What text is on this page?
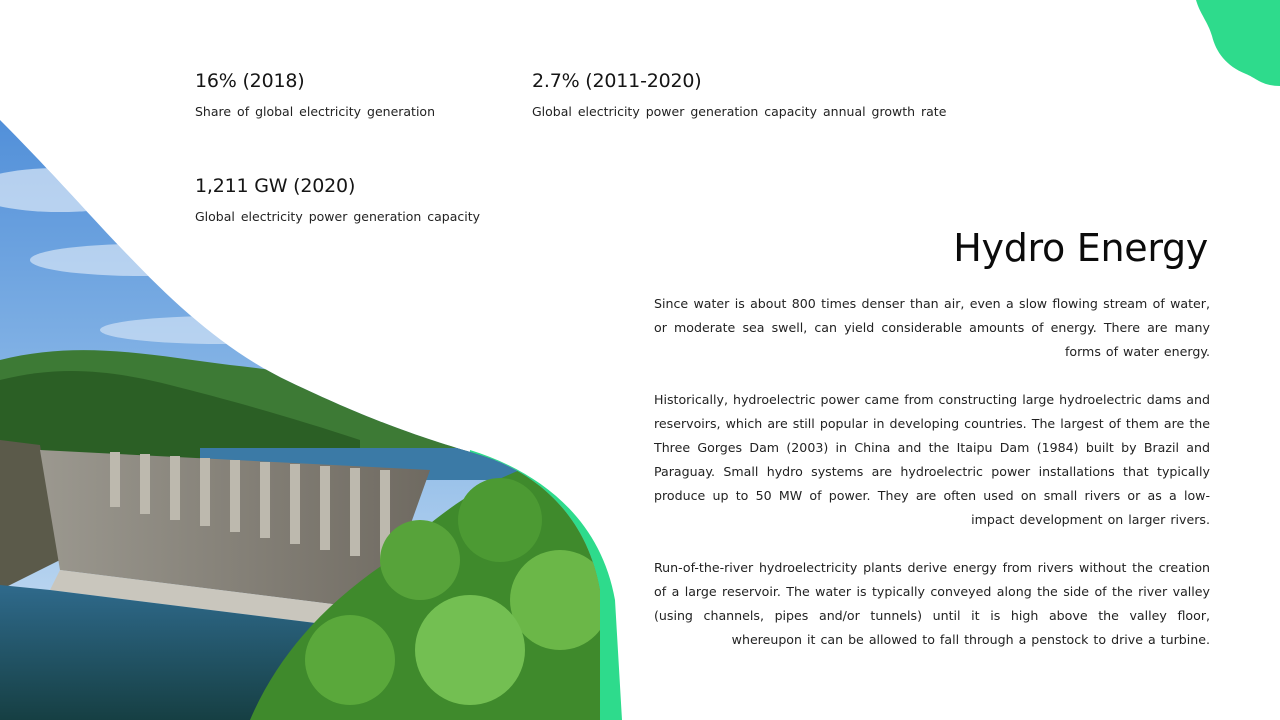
16% (2018)
Share of global electricity generation
2.7% (2011-2020)
Global electricity power generation capacity annual growth rate
1,211 GW (2020)
Global electricity power generation capacity
Hydro Energy

Since water is about 800 times denser than air, even a slow flowing stream of water, or moderate sea swell, can yield considerable amounts of energy. There are many forms of water energy.

Historically, hydroelectric power came from constructing large hydroelectric dams and reservoirs, which are still popular in developing countries. The largest of them are the Three Gorges Dam (2003) in China and the Itaipu Dam (1984) built by Brazil and Paraguay. Small hydro systems are hydroelectric power installations that typically produce up to 50 MW of power. They are often used on small rivers or as a low-impact development on larger rivers.

Run-of-the-river hydroelectricity plants derive energy from rivers without the creation of a large reservoir. The water is typically conveyed along the side of the river valley (using channels, pipes and/or tunnels) until it is high above the valley floor, whereupon it can be allowed to fall through a penstock to drive a turbine.
